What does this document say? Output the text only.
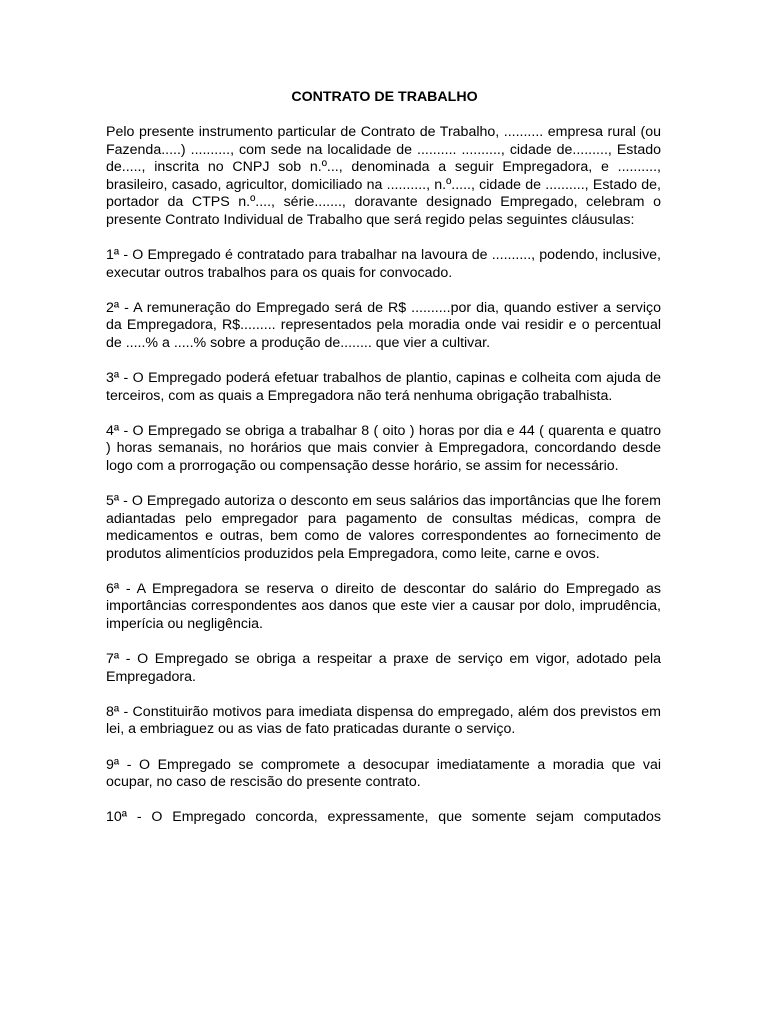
CONTRATO DE TRABALHO

Pelo presente instrumento particular de Contrato de Trabalho, .......... empresa rural (ou Fazenda.....) .........., com sede na localidade de .......... .........., cidade de........., Estado de....., inscrita no CNPJ sob n.º..., denominada a seguir Empregadora, e .........., brasileiro, casado, agricultor, domiciliado na .........., n.º....., cidade de .........., Estado de, portador da CTPS n.º...., série......., doravante designado Empregado, celebram o presente Contrato Individual de Trabalho que será regido pelas seguintes cláusulas:

1ª - O Empregado é contratado para trabalhar na lavoura de .........., podendo, inclusive, executar outros trabalhos para os quais for convocado.

2ª - A remuneração do Empregado será de R$ ..........por dia, quando estiver a serviço da Empregadora, R$......... representados pela moradia onde vai residir e o percentual de .....% a .....% sobre a produção de........ que vier a cultivar.

3ª - O Empregado poderá efetuar trabalhos de plantio, capinas e colheita com ajuda de terceiros, com as quais a Empregadora não terá nenhuma obrigação trabalhista.

4ª - O Empregado se obriga a trabalhar 8 ( oito ) horas por dia e 44 ( quarenta e quatro ) horas semanais, no horários que mais convier à Empregadora, concordando desde logo com a prorrogação ou compensação desse horário, se assim for necessário.

5ª - O Empregado autoriza o desconto em seus salários das importâncias que lhe forem adiantadas pelo empregador para pagamento de consultas médicas, compra de medicamentos e outras, bem como de valores correspondentes ao fornecimento de produtos alimentícios produzidos pela Empregadora, como leite, carne e ovos.

6ª - A Empregadora se reserva o direito de descontar do salário do Empregado as importâncias correspondentes aos danos que este vier a causar por dolo, imprudência, imperícia ou negligência.

7ª - O Empregado se obriga a respeitar a praxe de serviço em vigor, adotado pela Empregadora.

8ª - Constituirão motivos para imediata dispensa do empregado, além dos previstos em lei, a embriaguez ou as vias de fato praticadas durante o serviço.

9ª - O Empregado se compromete a desocupar imediatamente a moradia que vai ocupar, no caso de rescisão do presente contrato.

10ª - O Empregado concorda, expressamente, que somente sejam computados
